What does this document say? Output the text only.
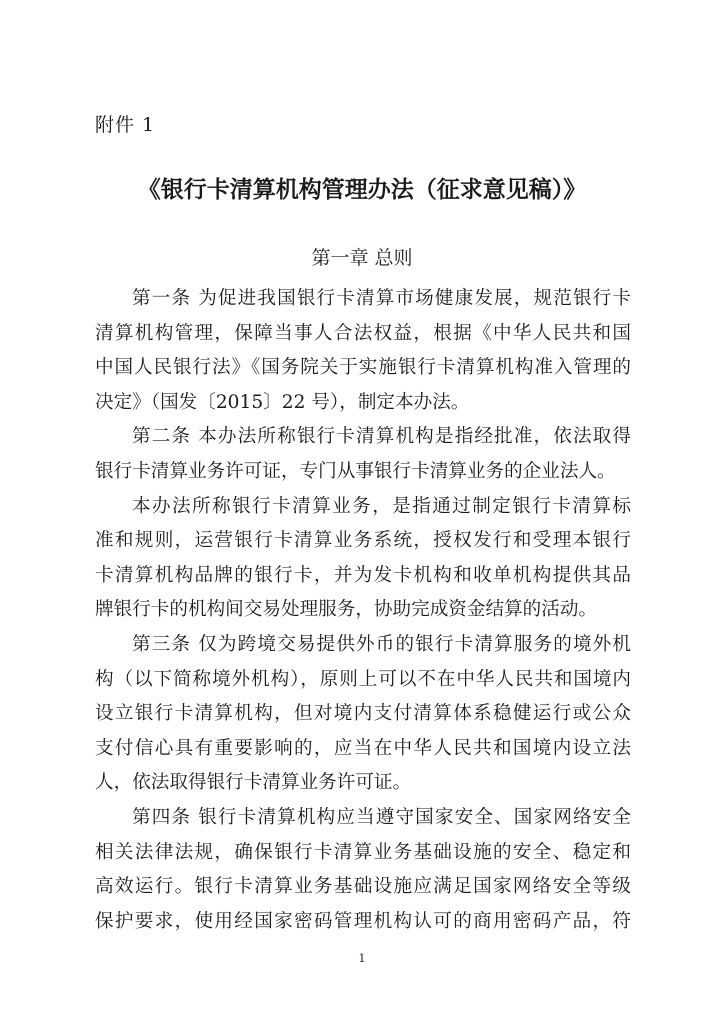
附件 1
《银行卡清算机构管理办法（征求意见稿）》
第一章 总则
第一条 为促进我国银行卡清算市场健康发展，规范银行卡
清算机构管理，保障当事人合法权益，根据《中华人民共和国
中国人民银行法》《国务院关于实施银行卡清算机构准入管理的
决定》（国发〔2015〕22 号），制定本办法。
第二条 本办法所称银行卡清算机构是指经批准，依法取得
银行卡清算业务许可证，专门从事银行卡清算业务的企业法人。
本办法所称银行卡清算业务，是指通过制定银行卡清算标
准和规则，运营银行卡清算业务系统，授权发行和受理本银行
卡清算机构品牌的银行卡，并为发卡机构和收单机构提供其品
牌银行卡的机构间交易处理服务，协助完成资金结算的活动。
第三条 仅为跨境交易提供外币的银行卡清算服务的境外机
构（以下简称境外机构），原则上可以不在中华人民共和国境内
设立银行卡清算机构，但对境内支付清算体系稳健运行或公众
支付信心具有重要影响的，应当在中华人民共和国境内设立法
人，依法取得银行卡清算业务许可证。
第四条 银行卡清算机构应当遵守国家安全、国家网络安全
相关法律法规，确保银行卡清算业务基础设施的安全、稳定和
高效运行。银行卡清算业务基础设施应满足国家网络安全等级
保护要求，使用经国家密码管理机构认可的商用密码产品，符
1
